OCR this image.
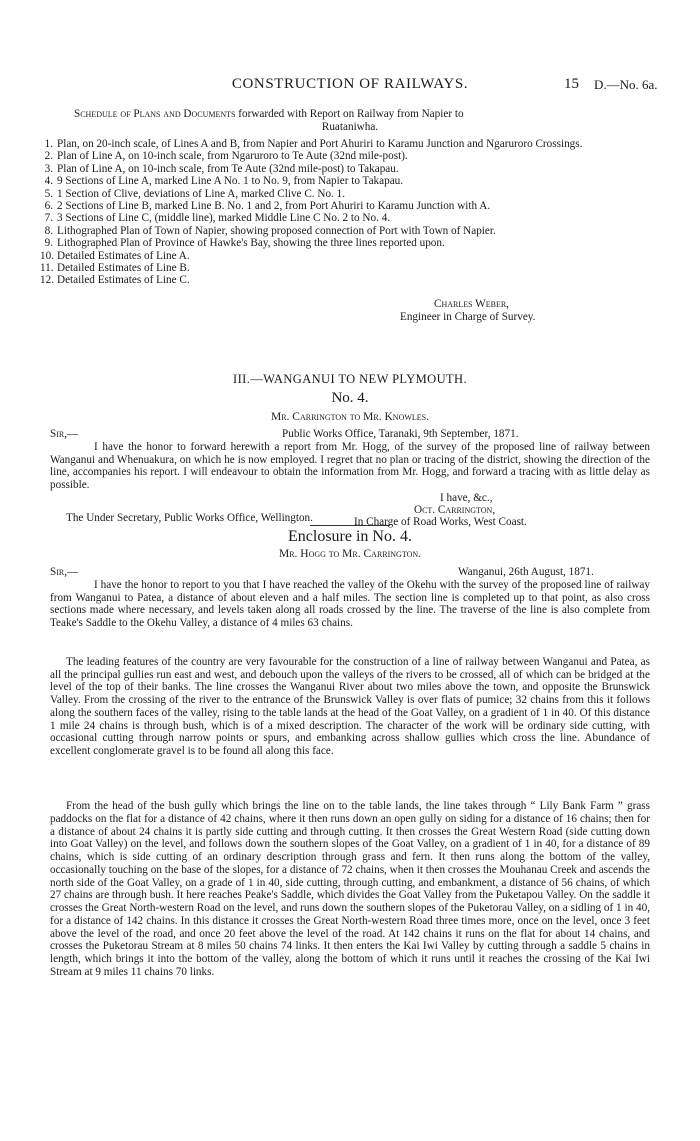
CONSTRUCTION OF RAILWAYS.	15 D.—No. 6a.
Schedule of Plans and Documents forwarded with Report on Railway from Napier to
Ruataniwha.
1. Plan, on 20-inch scale, of Lines A and B, from Napier and Port Ahuriri to Karamu Junction and Ngaruroro Crossings.
2. Plan of Line A, on 10-inch scale, from Ngaruroro to Te Aute (32nd mile-post).
3. Plan of Line A, on 10-inch scale, from Te Aute (32nd mile-post) to Takapau.
4. 9 Sections of Line A, marked Line A No. 1 to No. 9, from Napier to Takapau.
5. 1 Section of Clive, deviations of Line A, marked Clive C. No. 1.
6. 2 Sections of Line B, marked Line B. No. 1 and 2, from Port Ahuriri to Karamu Junction with A.
7. 3 Sections of Line C, (middle line), marked Middle Line C No. 2 to No. 4.
8. Lithographed Plan of Town of Napier, showing proposed connection of Port with Town of Napier.
9. Lithographed Plan of Province of Hawke's Bay, showing the three lines reported upon.
10. Detailed Estimates of Line A.
11. Detailed Estimates of Line B.
12. Detailed Estimates of Line C.
Charles Weber,
Engineer in Charge of Survey.
III.—WANGANUI TO NEW PLYMOUTH.
No. 4.
Mr. Carrington to Mr. Knowles.
Sir,—	Public Works Office, Taranaki, 9th September, 1871.
I have the honor to forward herewith a report from Mr. Hogg, of the survey of the proposed line of railway between Wanganui and Whenuakura, on which he is now employed. I regret that no plan or tracing of the district, showing the direction of the line, accompanies his report. I will endeavour to obtain the information from Mr. Hogg, and forward a tracing with as little delay as possible.
I have, &c.,
Oct. Carrington,
In Charge of Road Works, West Coast.
The Under Secretary, Public Works Office, Wellington.
Enclosure in No. 4.
Mr. Hogg to Mr. Carrington.
Sir,—	Wanganui, 26th August, 1871.
I have the honor to report to you that I have reached the valley of the Okehu with the survey of the proposed line of railway from Wanganui to Patea, a distance of about eleven and a half miles. The section line is completed up to that point, as also cross sections made where necessary, and levels taken along all roads crossed by the line. The traverse of the line is also complete from Teake's Saddle to the Okehu Valley, a distance of 4 miles 63 chains.
The leading features of the country are very favourable for the construction of a line of railway between Wanganui and Patea, as all the principal gullies run east and west, and debouch upon the valleys of the rivers to be crossed, all of which can be bridged at the level of the top of their banks. The line crosses the Wanganui River about two miles above the town, and opposite the Brunswick Valley. From the crossing of the river to the entrance of the Brunswick Valley is over flats of pumice; 32 chains from this it follows along the southern faces of the valley, rising to the table lands at the head of the Goat Valley, on a gradient of 1 in 40. Of this distance 1 mile 24 chains is through bush, which is of a mixed description. The character of the work will be ordinary side cutting, with occasional cutting through narrow points or spurs, and embanking across shallow gullies which cross the line. Abundance of excellent conglomerate gravel is to be found all along this face.
From the head of the bush gully which brings the line on to the table lands, the line takes through “ Lily Bank Farm ” grass paddocks on the flat for a distance of 42 chains, where it then runs down an open gully on siding for a distance of 16 chains; then for a distance of about 24 chains it is partly side cutting and through cutting. It then crosses the Great Western Road (side cutting down into Goat Valley) on the level, and follows down the southern slopes of the Goat Valley, on a gradient of 1 in 40, for a distance of 89 chains, which is side cutting of an ordinary description through grass and fern. It then runs along the bottom of the valley, occasionally touching on the base of the slopes, for a distance of 72 chains, when it then crosses the Mouhanau Creek and ascends the north side of the Goat Valley, on a grade of 1 in 40, side cutting, through cutting, and embankment, a distance of 56 chains, of which 27 chains are through bush. It here reaches Peake's Saddle, which divides the Goat Valley from the Puketapou Valley. On the saddle it crosses the Great North-western Road on the level, and runs down the southern slopes of the Puketorau Valley, on a sidling of 1 in 40, for a distance of 142 chains. In this distance it crosses the Great North-western Road three times more, once on the level, once 3 feet above the level of the road, and once 20 feet above the level of the road. At 142 chains it runs on the flat for about 14 chains, and crosses the Puketorau Stream at 8 miles 50 chains 74 links. It then enters the Kai Iwi Valley by cutting through a saddle 5 chains in length, which brings it into the bottom of the valley, along the bottom of which it runs until it reaches the crossing of the Kai Iwi Stream at 9 miles 11 chains 70 links.
